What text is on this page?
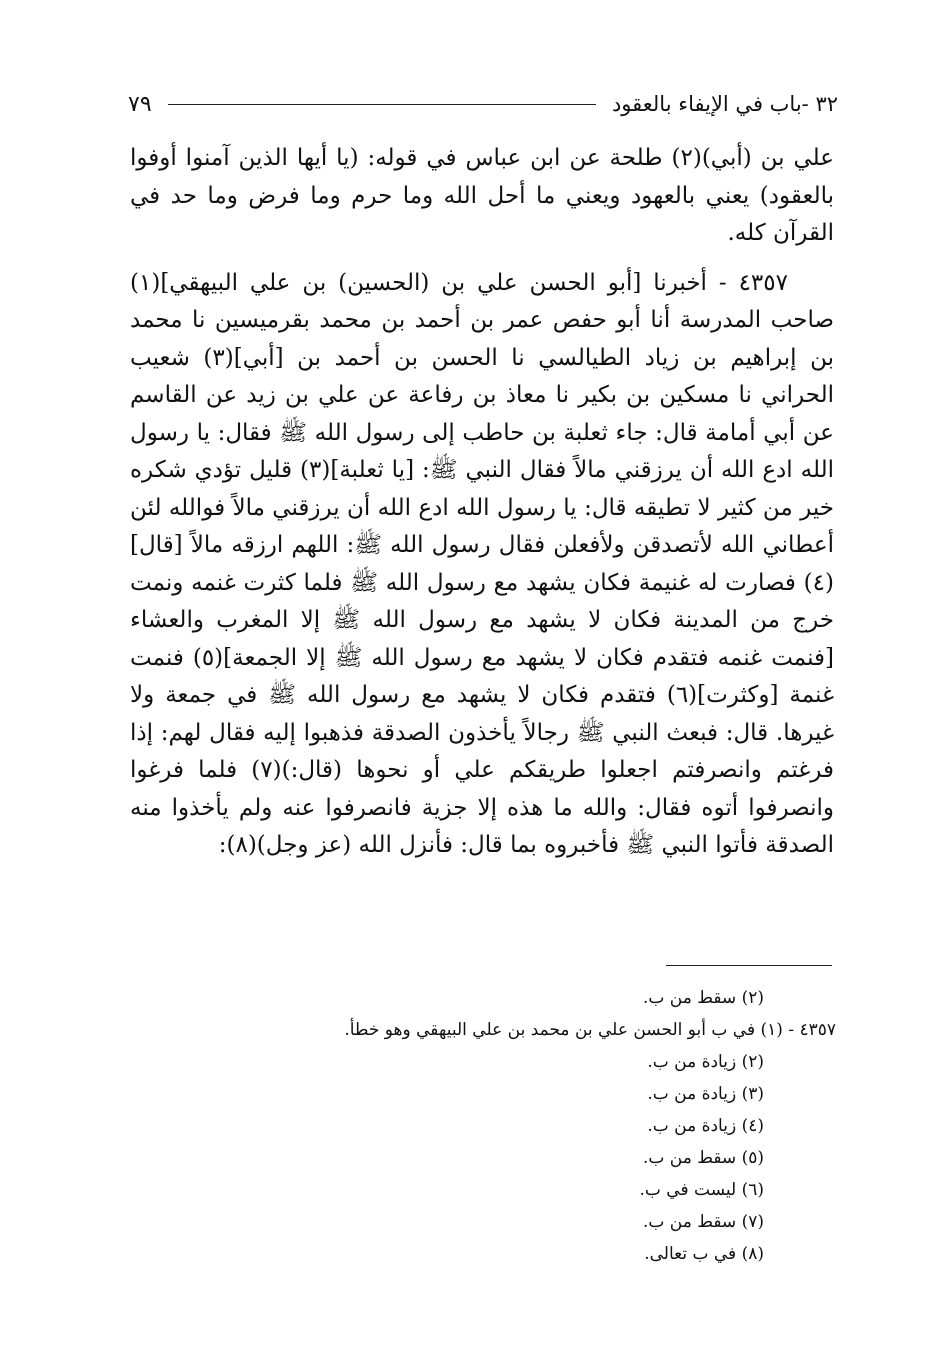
٣٢ -باب في الإيفاء بالعقود
٧٩

علي بن (أبي)(٢) طلحة عن ابن عباس في قوله: (يا أيها الذين آمنوا أوفوا بالعقود) يعني بالعهود ويعني ما أحل الله وما حرم وما فرض وما حد في القرآن كله.

٤٣٥٧ - أخبرنا [أبو الحسن علي بن (الحسين) بن علي البيهقي](١) صاحب المدرسة أنا أبو حفص عمر بن أحمد بن محمد بقرميسين نا محمد بن إبراهيم بن زياد الطيالسي نا الحسن بن أحمد بن [أبي](٣) شعيب الحراني نا مسكين بن بكير نا معاذ بن رفاعة عن علي بن زيد عن القاسم عن أبي أمامة قال: جاء ثعلبة بن حاطب إلى رسول الله ﷺ فقال: يا رسول الله ادع الله أن يرزقني مالاً فقال النبي ﷺ: [يا ثعلبة](٣) قليل تؤدي شكره خير من كثير لا تطيقه قال: يا رسول الله ادع الله أن يرزقني مالاً فوالله لئن أعطاني الله لأتصدقن ولأفعلن فقال رسول الله ﷺ: اللهم ارزقه مالاً [قال](٤) فصارت له غنيمة فكان يشهد مع رسول الله ﷺ فلما كثرت غنمه ونمت خرج من المدينة فكان لا يشهد مع رسول الله ﷺ إلا المغرب والعشاء [فنمت غنمه فتقدم فكان لا يشهد مع رسول الله ﷺ إلا الجمعة](٥) فنمت غنمة [وكثرت](٦) فتقدم فكان لا يشهد مع رسول الله ﷺ في جمعة ولا غيرها. قال: فبعث النبي ﷺ رجالاً يأخذون الصدقة فذهبوا إليه فقال لهم: إذا فرغتم وانصرفتم اجعلوا طريقكم علي أو نحوها (قال:)(٧) فلما فرغوا وانصرفوا أتوه فقال: والله ما هذه إلا جزية فانصرفوا عنه ولم يأخذوا منه الصدقة فأتوا النبي ﷺ فأخبروه بما قال: فأنزل الله (عز وجل)(٨):

(٢) سقط من ب.
٤٣٥٧ - (١) في ب أبو الحسن علي بن محمد بن علي البيهقي وهو خطأ.
(٢) زيادة من ب.
(٣) زيادة من ب.
(٤) زيادة من ب.
(٥) سقط من ب.
(٦) ليست في ب.
(٧) سقط من ب.
(٨) في ب تعالى.
